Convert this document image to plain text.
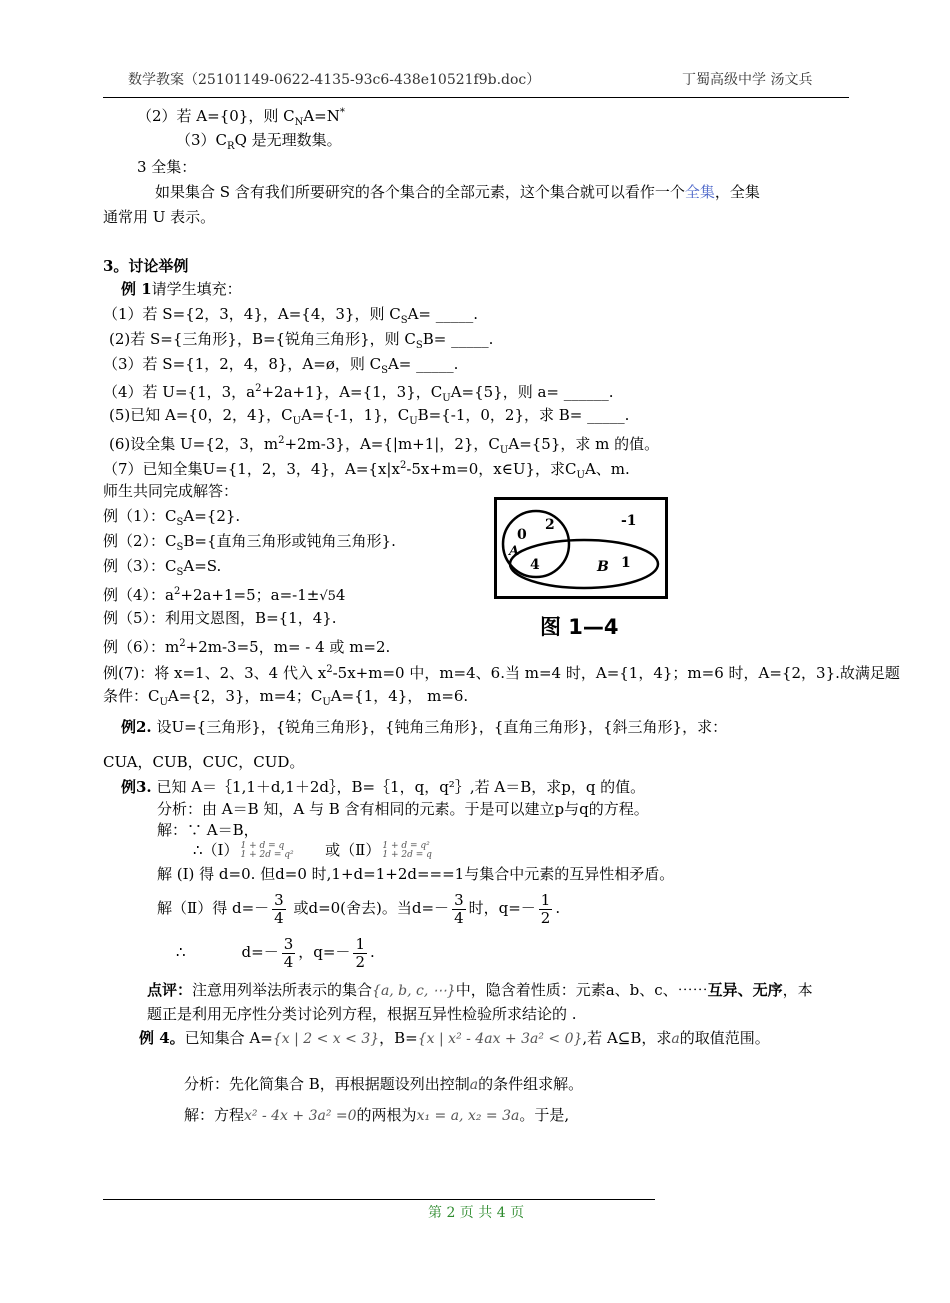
数学教案（25101149-0622-4135-93c6-438e10521f9b.doc）	丁蜀高级中学 汤文兵
（2）若 A={0}，则 $C_NA=N^*$
$(3)C_RQ$ 是无理数集。
3 全集：
如果集合 S 含有我们所要研究的各个集合的全部元素，这个集合就可以看作一个全集，全集
通常用 U 表示。
3。讨论举例
例 1请学生填充：
（1）若 S={2，3，4}，A={4，3}，则 $C_SA=$ _____.
(2)若 S={三角形}，B={锐角三角形}，则 $C_SB=$ _____.
（3）若 S={1，2，4，8}，A=ø，则 $C_SA=$ _____.
（4）若 U={1，3，$a^2+2a+1$}，A={1，3}，$C_UA=\{5\}$，则 a= ______.
(5)已知 A={0，2，4}，$C_UA=\{-1$，1}，$C_UB=\{-1$，0，2}，求 B= _____.
(6)设全集 U={2，3，$m^2+2m-3$}，A={|m+1|，2}，$C_UA=\{5\}$，求 m 的值。
（7）已知全集U={1，2，3，4}，$A=\{x|x^2-5x+m=0$，x∈U}，求$C_UA$、m.
师生共同完成解答：
例（1）：$C_SA=\{2\}$.
例（2）：$C_SB=${直角三角形或钝角三角形}.
例（3）：$C_SA=S$.
例（4）：$a^2+2a+1=5$；a=-1±√54
例（5）：利用文恩图，B={1，4}.
例（6）：$m^2+2m-3=5$，m= - 4 或 m=2.
例(7)：将 x=1、2、3、4 代入 $x^2-5x+m=0$ 中，m=4、6.当 m=4 时，A={1，4}；m=6 时，A={2，3}.故满足题
条件：$C_UA=\{2$，3}，m=4；$C_UA=\{1$，4}， m=6.
0
2	-1
A
4	B 1
图 1—4
例2. 设U={三角形}，{锐角三角形}，{钝角三角形}，{直角三角形}，{斜三角形}，求：
CUA，CUB，CUC，CUD。
例3. 已知 A＝｛1,1＋d,1＋2d｝，B=｛1，q，q²｝,若 A＝B，求p，q 的值。
分析：由 A＝B 知，A 与 B 含有相同的元素。于是可以建立p与q的方程。
解：∵ A＝B，
∴（Ⅰ） 1 + d = q
1 + 2d = q² 或（Ⅱ） 1 + d = q²
1 + 2d = q
解 (Ⅰ) 得 d=0. 但d=0 时,1+d=1+2d===1与集合中元素的互异性相矛盾。
解（Ⅱ）得 $d=- \frac{3}{4}$ 或d=0(舍去)。当$d=- \frac{3}{4}$ 时，$q=- \frac{1}{2}$ .
∴	$d=- \frac{3}{4}$ ，$q=- \frac{1}{2}$ .
点评：注意用列举法所表示的集合{a, b, c, ⋯}中，隐含着性质：元素a、b、c、⋯⋯互异、无序，本
题正是利用无序性分类讨论列方程，根据互异性检验所求结论的 .
例 4。已知集合 A={x | 2 < x < 3}，B={x | x² - 4ax + 3a² < 0},若 A⊆B，求a的取值范围。
分析：先化简集合 B，再根据题设列出控制a的条件组求解。
解：方程x² - 4x + 3a² =0的两根为x₁ = a, x₂ = 3a。于是,
第 2 页 共 4 页
